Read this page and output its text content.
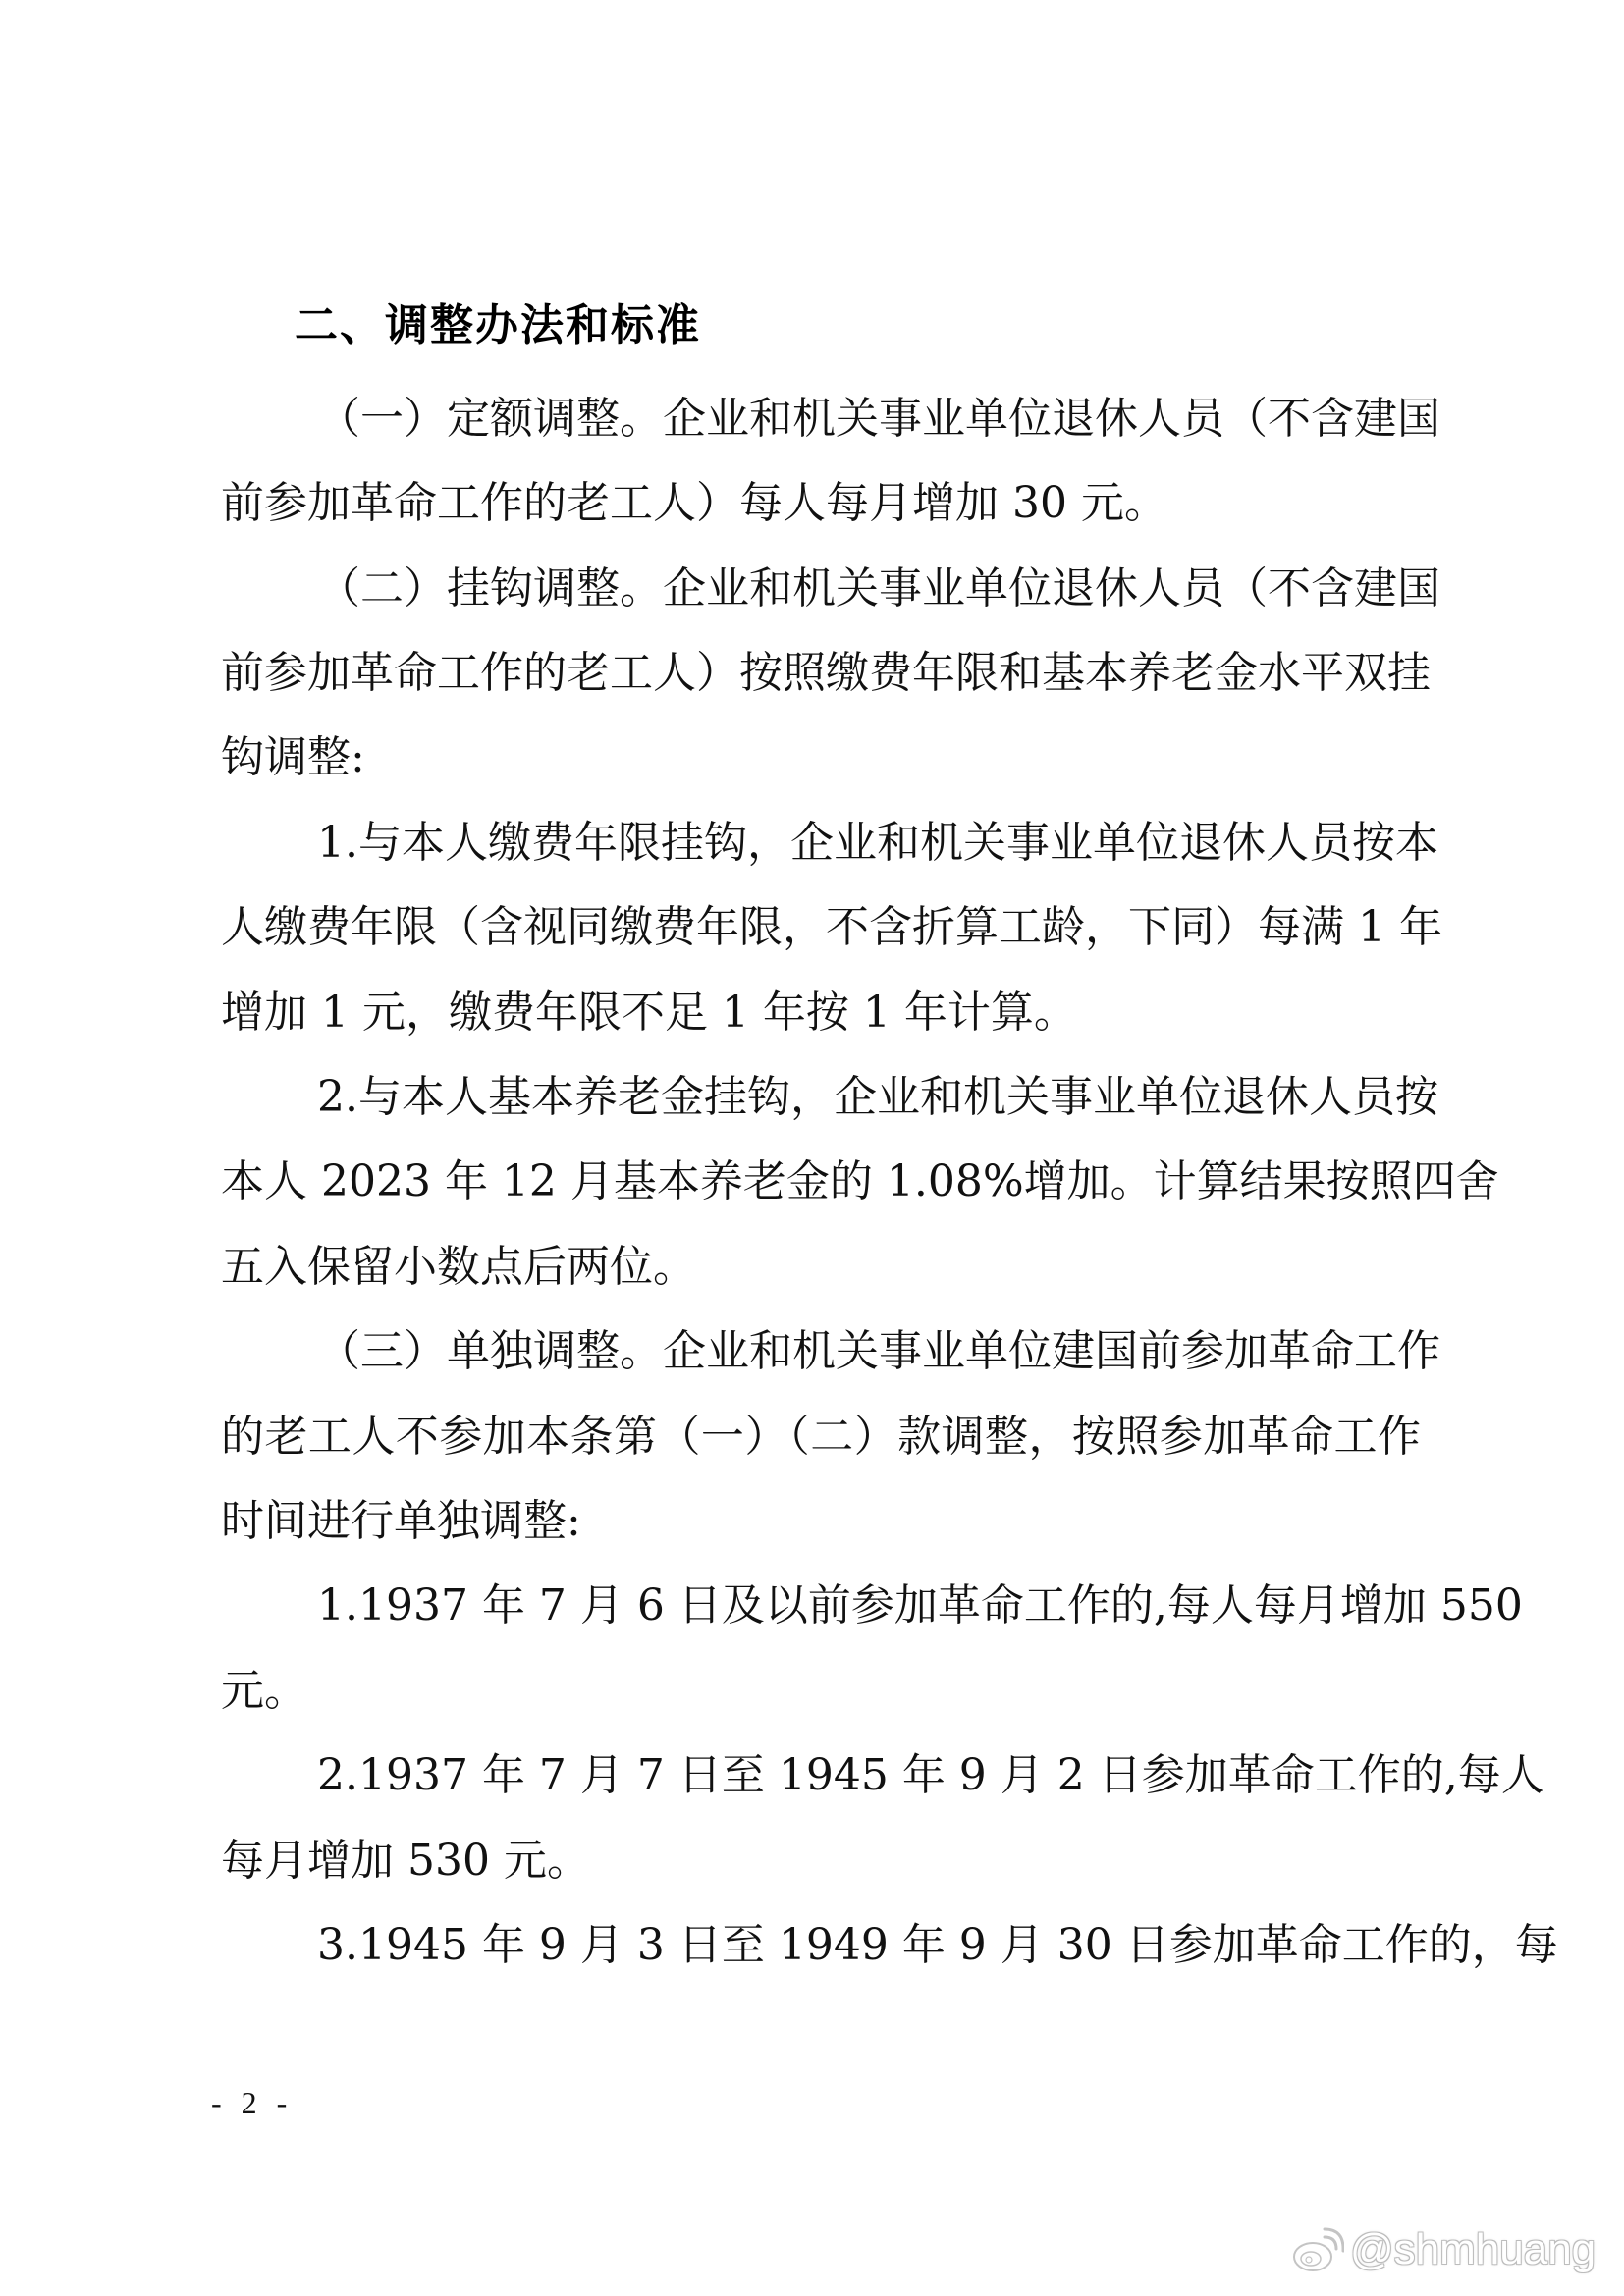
二、调整办法和标准
（一）定额调整。企业和机关事业单位退休人员（不含建国
前参加革命工作的老工人）每人每月增加 30 元。
（二）挂钩调整。企业和机关事业单位退休人员（不含建国
前参加革命工作的老工人）按照缴费年限和基本养老金水平双挂
钩调整:
1.与本人缴费年限挂钩，企业和机关事业单位退休人员按本
人缴费年限（含视同缴费年限，不含折算工龄，下同）每满 1 年
增加 1 元，缴费年限不足 1 年按 1 年计算。
2.与本人基本养老金挂钩，企业和机关事业单位退休人员按
本人 2023 年 12 月基本养老金的 1.08%增加。计算结果按照四舍
五入保留小数点后两位。
（三）单独调整。企业和机关事业单位建国前参加革命工作
的老工人不参加本条第（一）（二）款调整，按照参加革命工作
时间进行单独调整:
1.1937 年 7 月 6 日及以前参加革命工作的,每人每月增加 550
元。
2.1937 年 7 月 7 日至 1945 年 9 月 2 日参加革命工作的,每人
每月增加 530 元。
3.1945 年 9 月 3 日至 1949 年 9 月 30 日参加革命工作的，每
- 2 -
@shmhuang
